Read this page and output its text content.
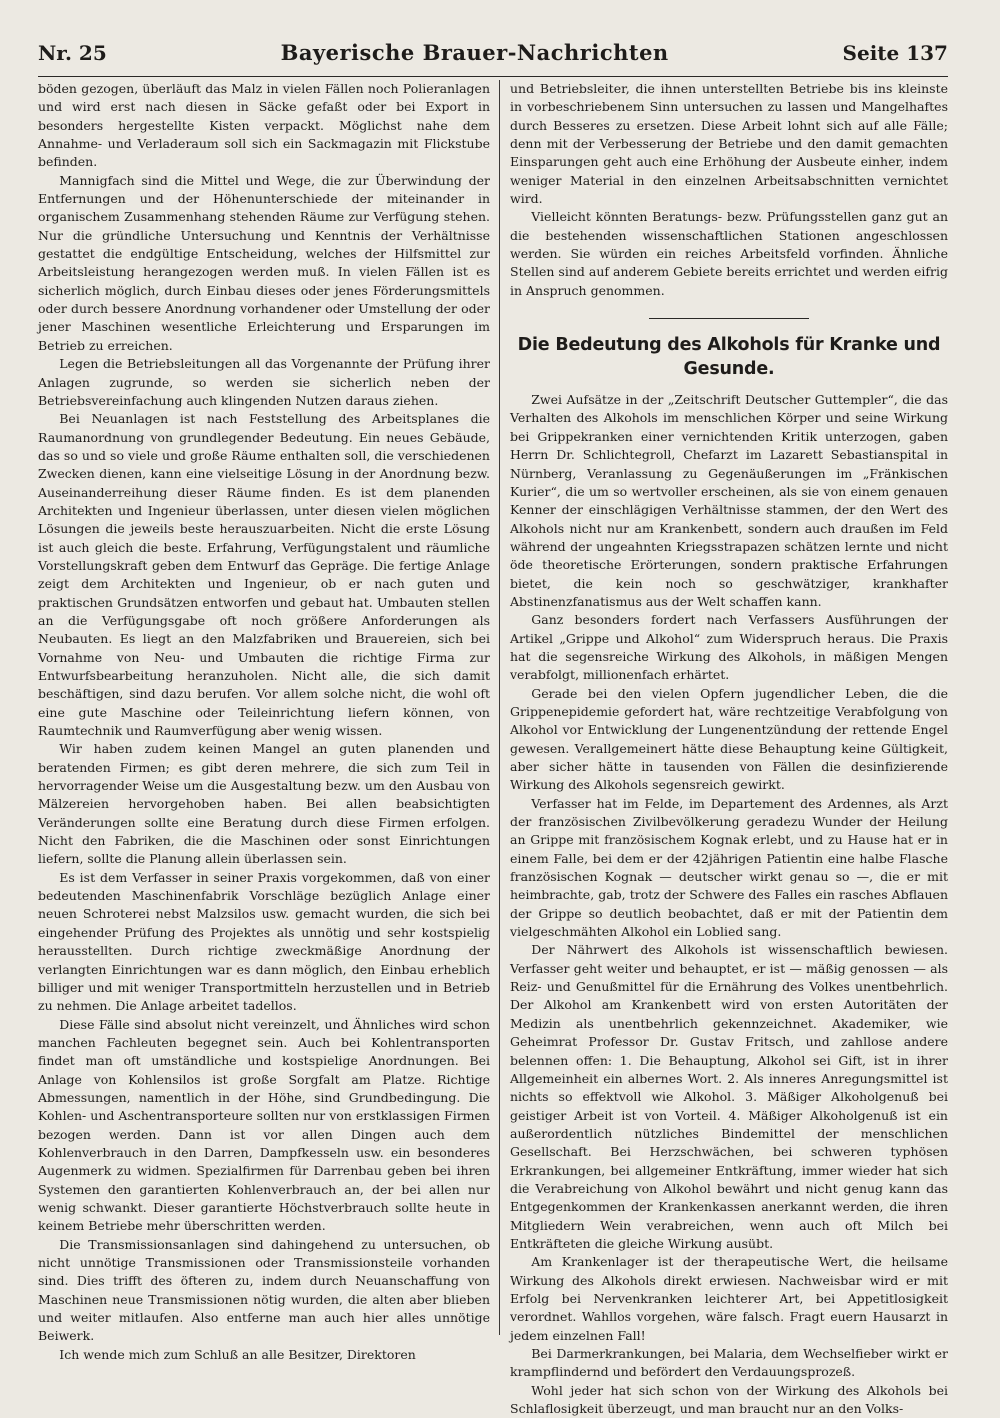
Nr. 25	Bayerische Brauer-Nachrichten	Seite 137

böden gezogen, überläuft das Malz in vielen Fällen noch Polieranlagen und wird erst nach diesen in Säcke gefaßt oder bei Export in besonders hergestellte Kisten verpackt. Möglichst nahe dem Annahme- und Verladeraum soll sich ein Sackmagazin mit Flickstube befinden.

Mannigfach sind die Mittel und Wege, die zur Überwindung der Entfernungen und der Höhenunterschiede der miteinander in organischem Zusammenhang stehenden Räume zur Verfügung stehen. Nur die gründliche Untersuchung und Kenntnis der Verhältnisse gestattet die endgültige Entscheidung, welches der Hilfsmittel zur Arbeitsleistung herangezogen werden muß. In vielen Fällen ist es sicherlich möglich, durch Einbau dieses oder jenes Förderungsmittels oder durch bessere Anordnung vorhandener oder Umstellung der oder jener Maschinen wesentliche Erleichterung und Ersparungen im Betrieb zu erreichen.

Legen die Betriebsleitungen all das Vorgenannte der Prüfung ihrer Anlagen zugrunde, so werden sie sicherlich neben der Betriebsvereinfachung auch klingenden Nutzen daraus ziehen.

Bei Neuanlagen ist nach Feststellung des Arbeitsplanes die Raumanordnung von grundlegender Bedeutung. Ein neues Gebäude, das so und so viele und große Räume enthalten soll, die verschiedenen Zwecken dienen, kann eine vielseitige Lösung in der Anordnung bezw. Auseinanderreihung dieser Räume finden. Es ist dem planenden Architekten und Ingenieur überlassen, unter diesen vielen möglichen Lösungen die jeweils beste herauszuarbeiten. Nicht die erste Lösung ist auch gleich die beste. Erfahrung, Verfügungstalent und räumliche Vorstellungskraft geben dem Entwurf das Gepräge. Die fertige Anlage zeigt dem Architekten und Ingenieur, ob er nach guten und praktischen Grundsätzen entworfen und gebaut hat. Umbauten stellen an die Verfügungsgabe oft noch größere Anforderungen als Neubauten. Es liegt an den Malzfabriken und Brauereien, sich bei Vornahme von Neu- und Umbauten die richtige Firma zur Entwurfsbearbeitung heranzuholen. Nicht alle, die sich damit beschäftigen, sind dazu berufen. Vor allem solche nicht, die wohl oft eine gute Maschine oder Teileinrichtung liefern können, von Raumtechnik und Raumverfügung aber wenig wissen.

Wir haben zudem keinen Mangel an guten planenden und beratenden Firmen; es gibt deren mehrere, die sich zum Teil in hervorragender Weise um die Ausgestaltung bezw. um den Ausbau von Mälzereien hervorgehoben haben. Bei allen beabsichtigten Veränderungen sollte eine Beratung durch diese Firmen erfolgen. Nicht den Fabriken, die die Maschinen oder sonst Einrichtungen liefern, sollte die Planung allein überlassen sein.

Es ist dem Verfasser in seiner Praxis vorgekommen, daß von einer bedeutenden Maschinenfabrik Vorschläge bezüglich Anlage einer neuen Schroterei nebst Malzsilos usw. gemacht wurden, die sich bei eingehender Prüfung des Projektes als unnötig und sehr kostspielig herausstellten. Durch richtige zweckmäßige Anordnung der verlangten Einrichtungen war es dann möglich, den Einbau erheblich billiger und mit weniger Transportmitteln herzustellen und in Betrieb zu nehmen. Die Anlage arbeitet tadellos.

Diese Fälle sind absolut nicht vereinzelt, und Ähnliches wird schon manchen Fachleuten begegnet sein. Auch bei Kohlentransporten findet man oft umständliche und kostspielige Anordnungen. Bei Anlage von Kohlensilos ist große Sorgfalt am Platze. Richtige Abmessungen, namentlich in der Höhe, sind Grundbedingung. Die Kohlen- und Aschentransporteure sollten nur von erstklassigen Firmen bezogen werden. Dann ist vor allen Dingen auch dem Kohlenverbrauch in den Darren, Dampfkesseln usw. ein besonderes Augenmerk zu widmen. Spezialfirmen für Darrenbau geben bei ihren Systemen den garantierten Kohlenverbrauch an, der bei allen nur wenig schwankt. Dieser garantierte Höchstverbrauch sollte heute in keinem Betriebe mehr überschritten werden.

Die Transmissionsanlagen sind dahingehend zu untersuchen, ob nicht unnötige Transmissionen oder Transmissionsteile vorhanden sind. Dies trifft des öfteren zu, indem durch Neuanschaffung von Maschinen neue Transmissionen nötig wurden, die alten aber blieben und weiter mitlaufen. Also entferne man auch hier alles unnötige Beiwerk.

Ich wende mich zum Schluß an alle Besitzer, Direktoren

und Betriebsleiter, die ihnen unterstellten Betriebe bis ins kleinste in vorbeschriebenem Sinn untersuchen zu lassen und Mangelhaftes durch Besseres zu ersetzen. Diese Arbeit lohnt sich auf alle Fälle; denn mit der Verbesserung der Betriebe und den damit gemachten Einsparungen geht auch eine Erhöhung der Ausbeute einher, indem weniger Material in den einzelnen Arbeitsabschnitten vernichtet wird.

Vielleicht könnten Beratungs- bezw. Prüfungsstellen ganz gut an die bestehenden wissenschaftlichen Stationen angeschlossen werden. Sie würden ein reiches Arbeitsfeld vorfinden. Ähnliche Stellen sind auf anderem Gebiete bereits errichtet und werden eifrig in Anspruch genommen.

Die Bedeutung des Alkohols für Kranke und Gesunde.

Zwei Aufsätze in der „Zeitschrift Deutscher Guttempler“, die das Verhalten des Alkohols im menschlichen Körper und seine Wirkung bei Grippekranken einer vernichtenden Kritik unterzogen, gaben Herrn Dr. Schlichtegroll, Chefarzt im Lazarett Sebastianspital in Nürnberg, Veranlassung zu Gegenäußerungen im „Fränkischen Kurier“, die um so wertvoller erscheinen, als sie von einem genauen Kenner der einschlägigen Verhältnisse stammen, der den Wert des Alkohols nicht nur am Krankenbett, sondern auch draußen im Feld während der ungeahnten Kriegsstrapazen schätzen lernte und nicht öde theoretische Erörterungen, sondern praktische Erfahrungen bietet, die kein noch so geschwätziger, krankhafter Abstinenzfanatismus aus der Welt schaffen kann.

Ganz besonders fordert nach Verfassers Ausführungen der Artikel „Grippe und Alkohol“ zum Widerspruch heraus. Die Praxis hat die segensreiche Wirkung des Alkohols, in mäßigen Mengen verabfolgt, millionenfach erhärtet.

Gerade bei den vielen Opfern jugendlicher Leben, die die Grippenepidemie gefordert hat, wäre rechtzeitige Verabfolgung von Alkohol vor Entwicklung der Lungenentzündung der rettende Engel gewesen. Verallgemeinert hätte diese Behauptung keine Gültigkeit, aber sicher hätte in tausenden von Fällen die desinfizierende Wirkung des Alkohols segensreich gewirkt.

Verfasser hat im Felde, im Departement des Ardennes, als Arzt der französischen Zivilbevölkerung geradezu Wunder der Heilung an Grippe mit französischem Kognak erlebt, und zu Hause hat er in einem Falle, bei dem er der 42jährigen Patientin eine halbe Flasche französischen Kognak — deutscher wirkt genau so —, die er mit heimbrachte, gab, trotz der Schwere des Falles ein rasches Abflauen der Grippe so deutlich beobachtet, daß er mit der Patientin dem vielgeschmähten Alkohol ein Loblied sang.

Der Nährwert des Alkohols ist wissenschaftlich bewiesen. Verfasser geht weiter und behauptet, er ist — mäßig genossen — als Reiz- und Genußmittel für die Ernährung des Volkes unentbehrlich. Der Alkohol am Krankenbett wird von ersten Autoritäten der Medizin als unentbehrlich gekennzeichnet. Akademiker, wie Geheimrat Professor Dr. Gustav Fritsch, und zahllose andere belennen offen: 1. Die Behauptung, Alkohol sei Gift, ist in ihrer Allgemeinheit ein albernes Wort. 2. Als inneres Anregungsmittel ist nichts so effektvoll wie Alkohol. 3. Mäßiger Alkoholgenuß bei geistiger Arbeit ist von Vorteil. 4. Mäßiger Alkoholgenuß ist ein außerordentlich nützliches Bindemittel der menschlichen Gesellschaft. Bei Herzschwächen, bei schweren typhösen Erkrankungen, bei allgemeiner Entkräftung, immer wieder hat sich die Verabreichung von Alkohol bewährt und nicht genug kann das Entgegenkommen der Krankenkassen anerkannt werden, die ihren Mitgliedern Wein verabreichen, wenn auch oft Milch bei Entkräfteten die gleiche Wirkung ausübt.

Am Krankenlager ist der therapeutische Wert, die heilsame Wirkung des Alkohols direkt erwiesen. Nachweisbar wird er mit Erfolg bei Nervenkranken leichterer Art, bei Appetitlosigkeit verordnet. Wahllos vorgehen, wäre falsch. Fragt euern Hausarzt in jedem einzelnen Fall!

Bei Darmerkrankungen, bei Malaria, dem Wechselfieber wirkt er krampflindernd und befördert den Verdauungsprozeß.

Wohl jeder hat sich schon von der Wirkung des Alkohols bei Schlaflosigkeit überzeugt, und man braucht nur an den Volks-
